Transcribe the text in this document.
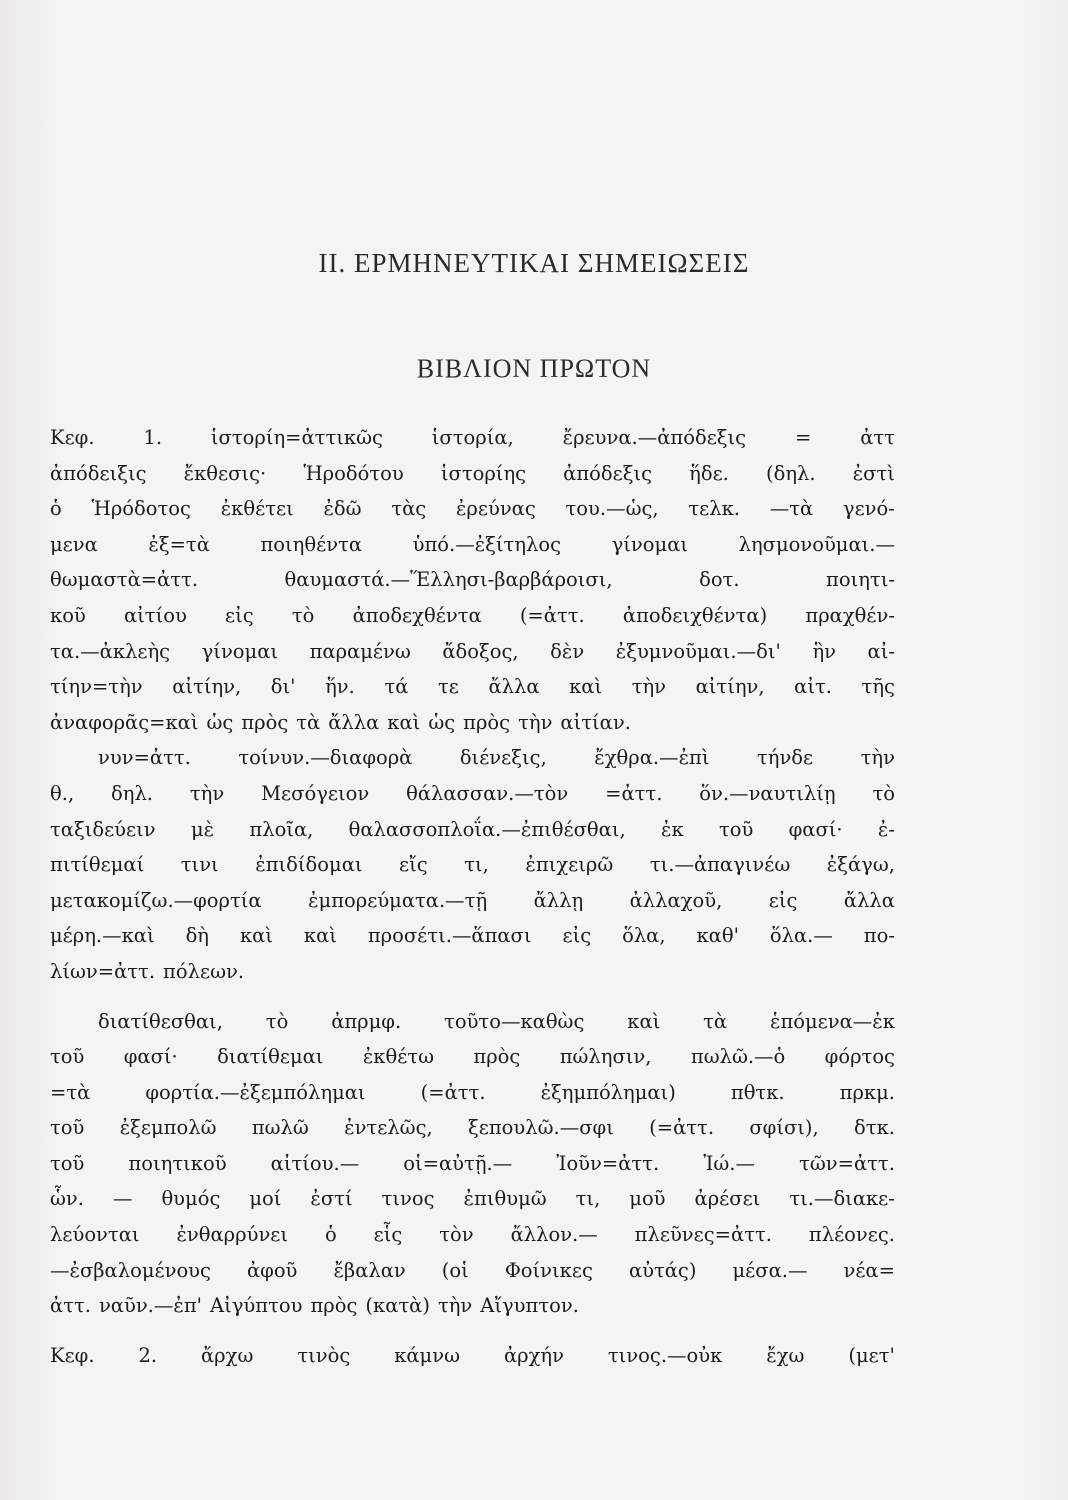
ΙΙ. ΕΡΜΗΝΕΥΤΙΚΑΙ ΣΗΜΕΙΩΣΕΙΣ
ΒΙΒΛΙΟΝ ΠΡΩΤΟΝ
Κεφ.	1.	ἱστορίη=ἀττικῶς	ἱστορία,	ἔρευνα.—ἀπόδεξις	=	ἀττ
ἀπόδειξις ἔκθεσις· Ἡροδότου ἱστορίης ἀπόδεξις ἥδε. (δηλ. ἐστὶ
ὁ Ἡρόδοτος ἐκθέτει ἐδῶ τὰς ἐρεύνας του.—ὡς, τελκ. —τὰ γενό-
μενα	ἐξ=τὰ	ποιηθέντα	ὑπό.—ἐξίτηλος	γίνομαι	λησμονοῦμαι.—
θωμαστὰ=ἀττ.	θαυμαστά.—Ἕλλησι-βαρβάροισι,	δοτ.	ποιητι-
κοῦ αἰτίου εἰς τὸ ἀποδεχθέντα (=ἀττ. ἀποδειχθέντα) πραχθέν-
τα.—ἀκλεὴς γίνομαι παραμένω ἄδοξος, δὲν ἐξυμνοῦμαι.—δι' ἣν αἰ-
τίην=τὴν αἰτίην, δι' ἥν. τά τε ἄλλα καὶ τὴν αἰτίην, αἰτ. τῆς
ἀναφορᾶς=καὶ ὡς πρὸς τὰ ἄλλα καὶ ὡς πρὸς τὴν αἰτίαν.
νυν=ἀττ. τοίνυν.—διαφορὰ διένεξις, ἔχθρα.—ἐπὶ τήνδε τὴν
θ., δηλ. τὴν Μεσόγειον θάλασσαν.—τὸν =ἀττ. ὅν.—ναυτιλίῃ τὸ
ταξιδεύειν μὲ πλοῖα, θαλασσοπλοΐα.—ἐπιθέσθαι, ἐκ τοῦ φασί· ἐ-
πιτίθεμαί τινι ἐπιδίδομαι εἴς τι, ἐπιχειρῶ τι.—ἀπαγινέω ἐξάγω,
μετακομίζω.—φορτία ἐμπορεύματα.—τῇ ἄλλῃ ἀλλαχοῦ, εἰς ἄλλα
μέρη.—καὶ δὴ καὶ καὶ προσέτι.—ἅπασι εἰς ὅλα, καθ' ὅλα.— πο-
λίων=ἀττ. πόλεων.
διατίθεσθαι, τὸ ἀπρμφ. τοῦτο—καθὼς καὶ τὰ ἑπόμενα—ἐκ
τοῦ φασί· διατίθεμαι ἐκθέτω πρὸς πώλησιν, πωλῶ.—ὁ φόρτος
=τὰ	φορτία.—ἐξεμπόλημαι	(=ἀττ.	ἐξημπόλημαι)	πθτκ.	πρκμ.
τοῦ ἐξεμπολῶ πωλῶ ἐντελῶς, ξεπουλῶ.—σφι (=ἀττ. σφίσι), δτκ.
τοῦ ποιητικοῦ αἰτίου.— οἱ=αὐτῇ.— Ἰοῦν=ἀττ. Ἰώ.— τῶν=ἀττ.
ὧν. — θυμός μοί ἐστί τινος ἐπιθυμῶ τι, μοῦ ἀρέσει τι.—διακε-
λεύονται ἐνθαρρύνει ὁ εἷς τὸν ἄλλον.— πλεῦνες=ἀττ. πλέονες.
—ἐσβαλομένους ἀφοῦ ἔβαλαν (οἱ Φοίνικες αὐτάς) μέσα.— νέα=
ἀττ. ναῦν.—ἐπ' Αἰγύπτου πρὸς (κατὰ) τὴν Αἴγυπτον.
Κεφ. 2. ἄρχω τινὸς κάμνω ἀρχήν τινος.—οὐκ ἔχω (μετ'
